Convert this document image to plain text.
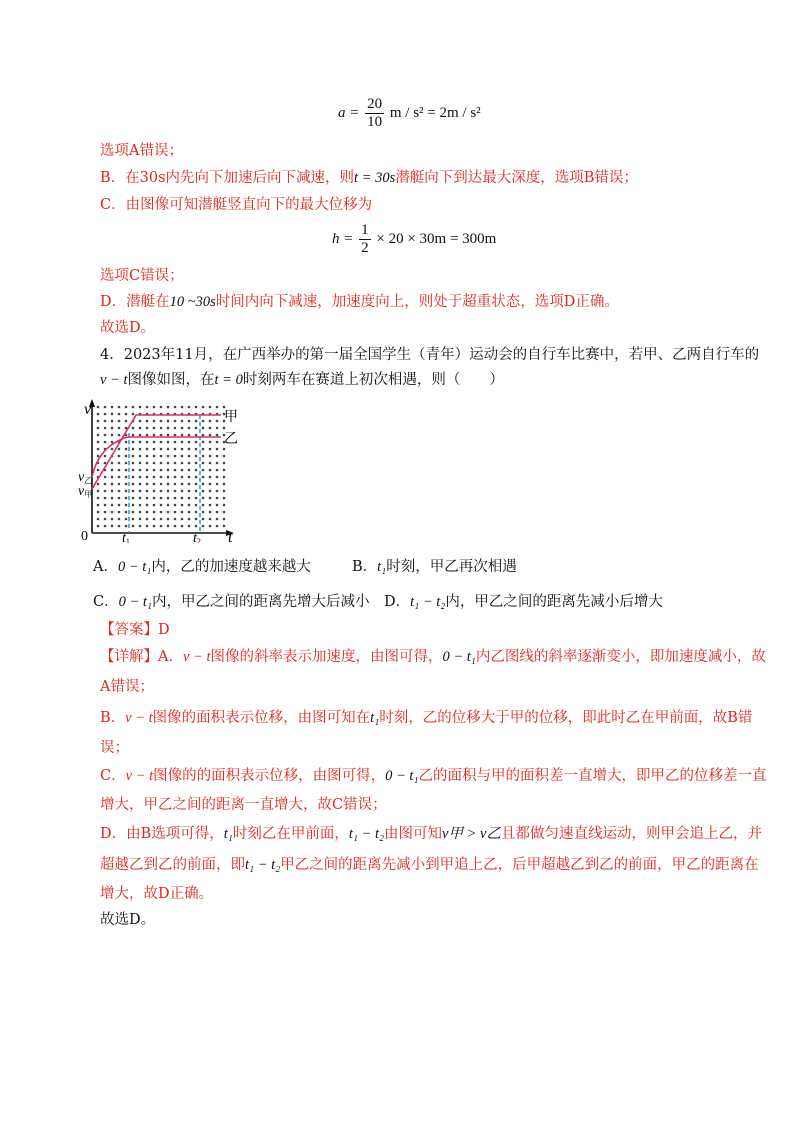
$a = \frac{20}{10}$ m / s² = 2m / s²
选项A错误；
B．在30s内先向下加速后向下减速，则t = 30s潜艇向下到达最大深度，选项B错误；
C．由图像可知潜艇竖直向下的最大位移为
$h = \frac{1}{2} \times 20 \times 30m = 300m$
选项C错误；
D．潜艇在10 ~30s时间内向下减速，加速度向上，则处于超重状态，选项D正确。
故选D。
4．2023年11月，在广西举办的第一届全国学生（青年）运动会的自行车比赛中，若甲、乙两自行车的
v − t图像如图，在t = 0时刻两车在赛道上初次相遇，则（　　）
v	甲
乙
v乙
v甲
0 t1	t2 t
A．0 − t₁内，乙的加速度越来越大	B．t₁时刻，甲乙再次相遇
C．0 − t₁内，甲乙之间的距离先增大后减小 D．t₁ − t₂内，甲乙之间的距离先减小后增大
【答案】D
【详解】A．v − t图像的斜率表示加速度，由图可得，0 − t₁内乙图线的斜率逐渐变小，即加速度减小，故
A错误；
B．v − t图像的面积表示位移，由图可知在t₁时刻，乙的位移大于甲的位移，即此时乙在甲前面，故B错
误；
C．v − t图像的的面积表示位移，由图可得，0 − t₁乙的面积与甲的面积差一直增大，即甲乙的位移差一直
增大，甲乙之间的距离一直增大，故C错误；
D．由B选项可得，t₁时刻乙在甲前面，t₁ − t₂由图可知v甲 > v乙且都做匀速直线运动，则甲会追上乙，并
超越乙到乙的前面，即t₁ − t₂甲乙之间的距离先减小到甲追上乙，后甲超越乙到乙的前面，甲乙的距离在
增大，故D正确。
故选D。
